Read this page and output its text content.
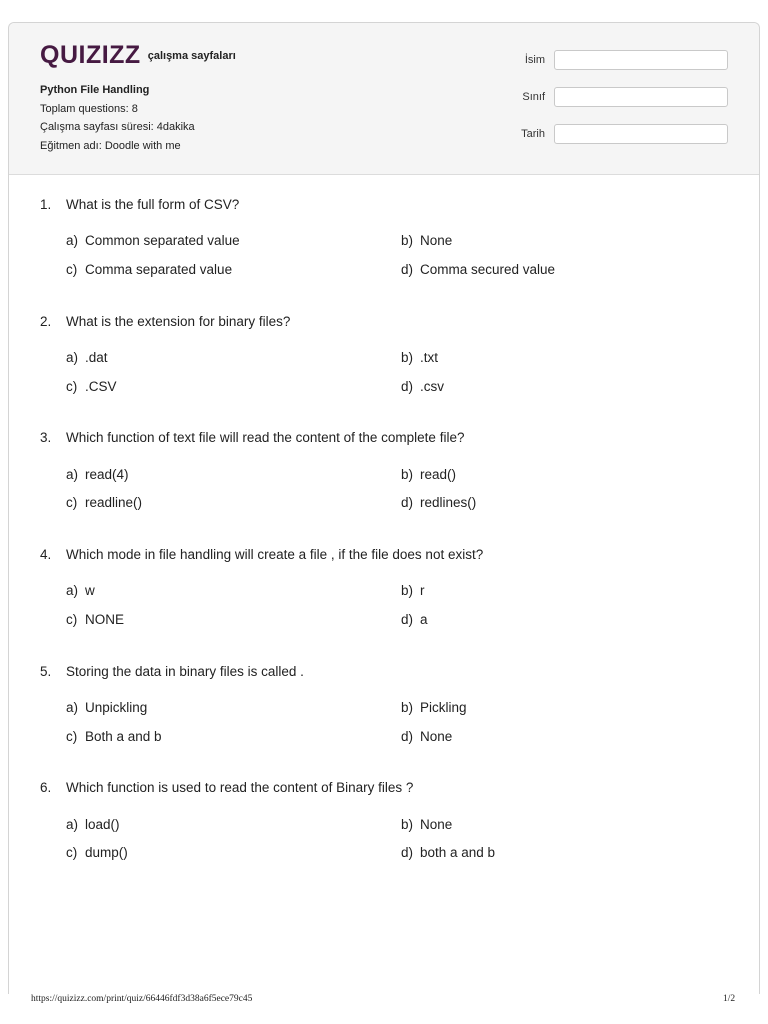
QUIZIZZ çalışma sayfaları
Python File Handling
Toplam questions: 8
Çalışma sayfası süresi: 4dakika
Eğitmen adı: Doodle with me
İsim
Sınıf
Tarih
1. What is the full form of CSV?
a) Common separated value	b) None
c) Comma separated value	d) Comma secured value
2. What is the extension for binary files?
a) .dat	b) .txt
c) .CSV	d) .csv
3. Which function of text file will read the content of the complete file?
a) read(4)	b) read()
c) readline()	d) redlines()
4. Which mode in file handling will create a file , if the file does not exist?
a) w	b) r
c) NONE	d) a
5. Storing the data in binary files is called .
a) Unpickling	b) Pickling
c) Both a and b	d) None
6. Which function is used to read the content of Binary files ?
a) load()	b) None
c) dump()	d) both a and b
https://quizizz.com/print/quiz/66446fdf3d38a6f5ece79c45	1/2
